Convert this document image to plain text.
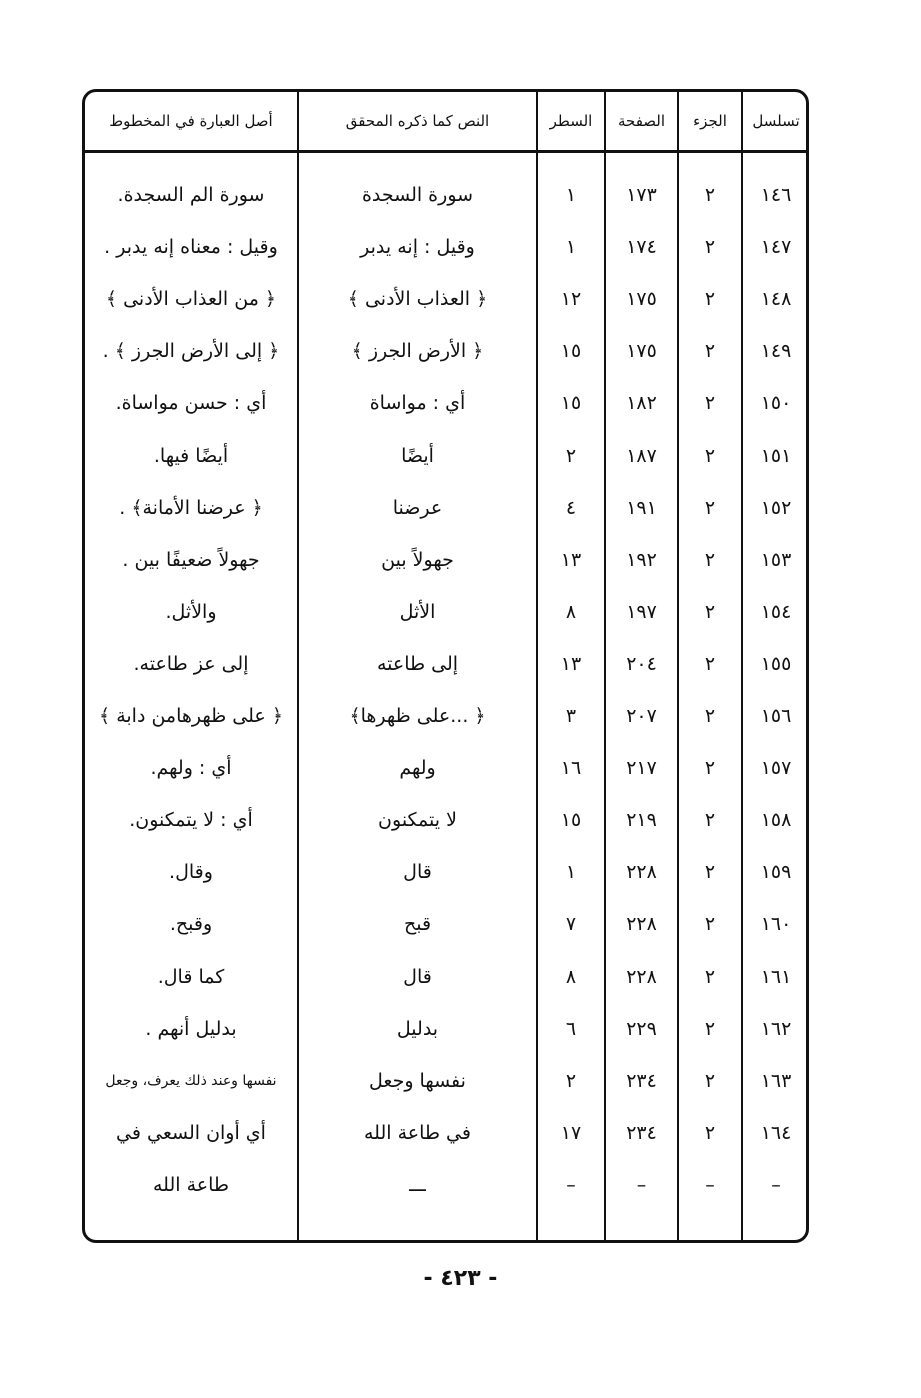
أصل العبارة في المخطوط	النص كما ذكره المحقق	السطر	الصفحة	الجزء	تسلسل
سورة الم السجدة.	سورة السجدة	١	١٧٣	٢	١٤٦
وقيل : معناه إنه يدبر .	وقيل : إنه يدبر	١	١٧٤	٢	١٤٧
﴿ من العذاب الأدنى ﴾	﴿ العذاب الأدنى ﴾	١٢	١٧٥	٢	١٤٨
﴿ إلى الأرض الجرز ﴾ .	﴿ الأرض الجرز ﴾	١٥	١٧٥	٢	١٤٩
أي : حسن مواساة.	أي : مواساة	١٥	١٨٢	٢	١٥٠
أيضًا فيها.	أيضًا	٢	١٨٧	٢	١٥١
﴿ عرضنا الأمانة﴾ .	عرضنا	٤	١٩١	٢	١٥٢
جهولاً ضعيفًا بين .	جهولاً بين	١٣	١٩٢	٢	١٥٣
والأثل.	الأثل	٨	١٩٧	٢	١٥٤
إلى عز طاعته.	إلى طاعته	١٣	٢٠٤	٢	١٥٥
﴿ على ظهرهامن دابة ﴾	﴿ ...على ظهرها﴾	٣	٢٠٧	٢	١٥٦
أي : ولهم.	ولهم	١٦	٢١٧	٢	١٥٧
أي : لا يتمكنون.	لا يتمكنون	١٥	٢١٩	٢	١٥٨
وقال.	قال	١	٢٢٨	٢	١٥٩
وقبح.	قبح	٧	٢٢٨	٢	١٦٠
كما قال.	قال	٨	٢٢٨	٢	١٦١
بدليل أنهم .	بدليل	٦	٢٢٩	٢	١٦٢
نفسها وعند ذلك يعرف، وجعل	نفسها وجعل	٢	٢٣٤	٢	١٦٣
أي أوان السعي في	في طاعة الله	١٧	٢٣٤	٢	١٦٤
طاعة الله	ـــ	–	–	–	–
- ٤٢٣ -
